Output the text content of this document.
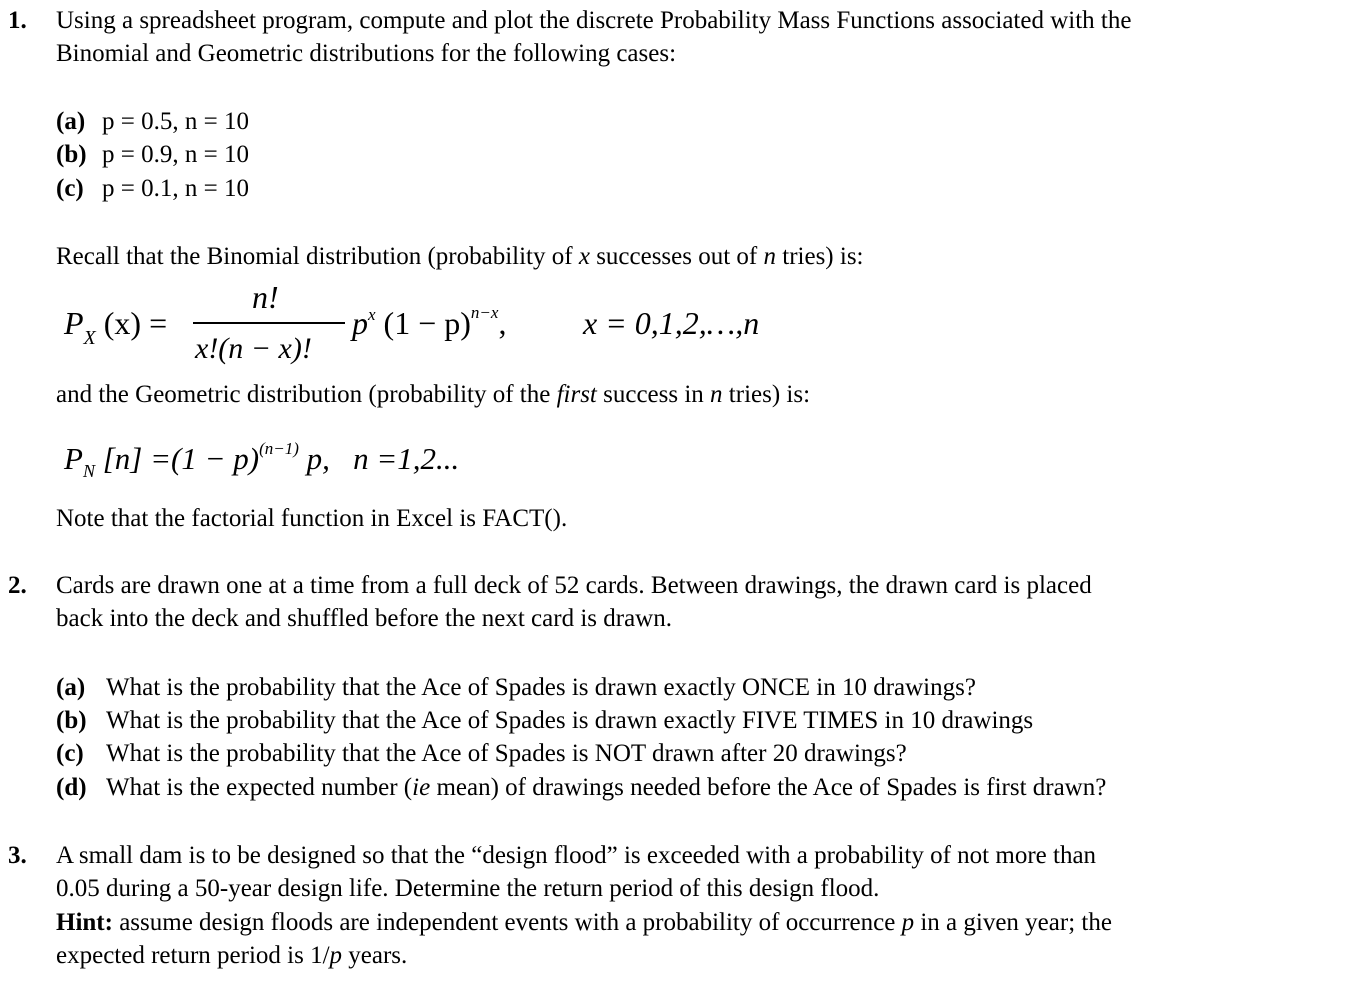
1. Using a spreadsheet program, compute and plot the discrete Probability Mass Functions associated with the
Binomial and Geometric distributions for the following cases:
(a) p = 0.5, n = 10
(b) p = 0.9, n = 10
(c) p = 0.1, n = 10
Recall that the Binomial distribution (probability of x successes out of n tries) is:
$P_X$ (x) =
n!
x!(n − x)!
$p^x$ $(1 - p)^{n-x}$, x = 0,1,2,…,n
and the Geometric distribution (probability of the first success in n tries) is:
$P_N$ $[n] =(1 - p)^{(n-1)}$ p, n =1,2...
Note that the factorial function in Excel is FACT().
2. Cards are drawn one at a time from a full deck of 52 cards. Between drawings, the drawn card is placed
back into the deck and shuffled before the next card is drawn.
(a) What is the probability that the Ace of Spades is drawn exactly ONCE in 10 drawings?
(b) What is the probability that the Ace of Spades is drawn exactly FIVE TIMES in 10 drawings
(c) What is the probability that the Ace of Spades is NOT drawn after 20 drawings?
(d) What is the expected number (ie mean) of drawings needed before the Ace of Spades is first drawn?
3. A small dam is to be designed so that the “design flood” is exceeded with a probability of not more than
0.05 during a 50-year design life. Determine the return period of this design flood.
Hint: assume design floods are independent events with a probability of occurrence p in a given year; the
expected return period is 1/p years.
